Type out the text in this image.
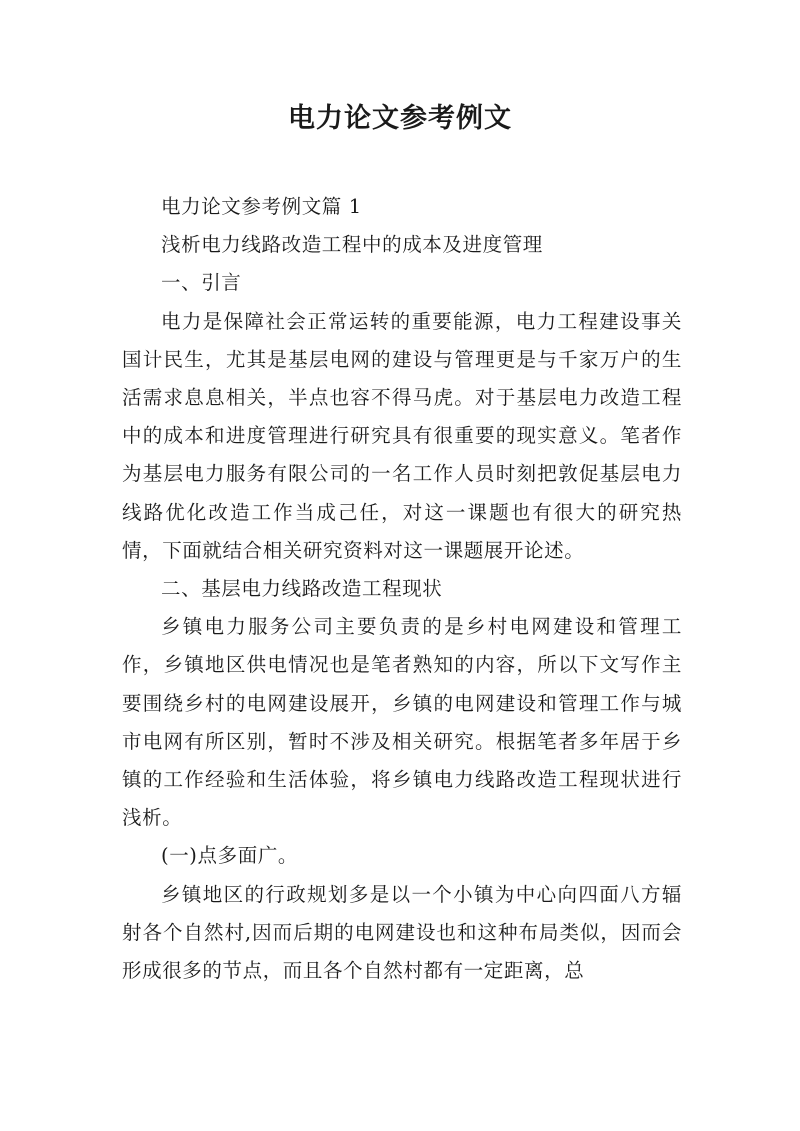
电力论文参考例文

电力论文参考例文篇 1

浅析电力线路改造工程中的成本及进度管理

一、引言

电力是保障社会正常运转的重要能源，电力工程建设事关国计民生，尤其是基层电网的建设与管理更是与千家万户的生活需求息息相关，半点也容不得马虎。对于基层电力改造工程中的成本和进度管理进行研究具有很重要的现实意义。笔者作为基层电力服务有限公司的一名工作人员时刻把敦促基层电力线路优化改造工作当成己任，对这一课题也有很大的研究热情，下面就结合相关研究资料对这一课题展开论述。

二、基层电力线路改造工程现状

乡镇电力服务公司主要负责的是乡村电网建设和管理工作，乡镇地区供电情况也是笔者熟知的内容，所以下文写作主要围绕乡村的电网建设展开，乡镇的电网建设和管理工作与城市电网有所区别，暂时不涉及相关研究。根据笔者多年居于乡镇的工作经验和生活体验，将乡镇电力线路改造工程现状进行浅析。

(一)点多面广。

乡镇地区的行政规划多是以一个小镇为中心向四面八方辐射各个自然村,因而后期的电网建设也和这种布局类似，因而会形成很多的节点，而且各个自然村都有一定距离，总
